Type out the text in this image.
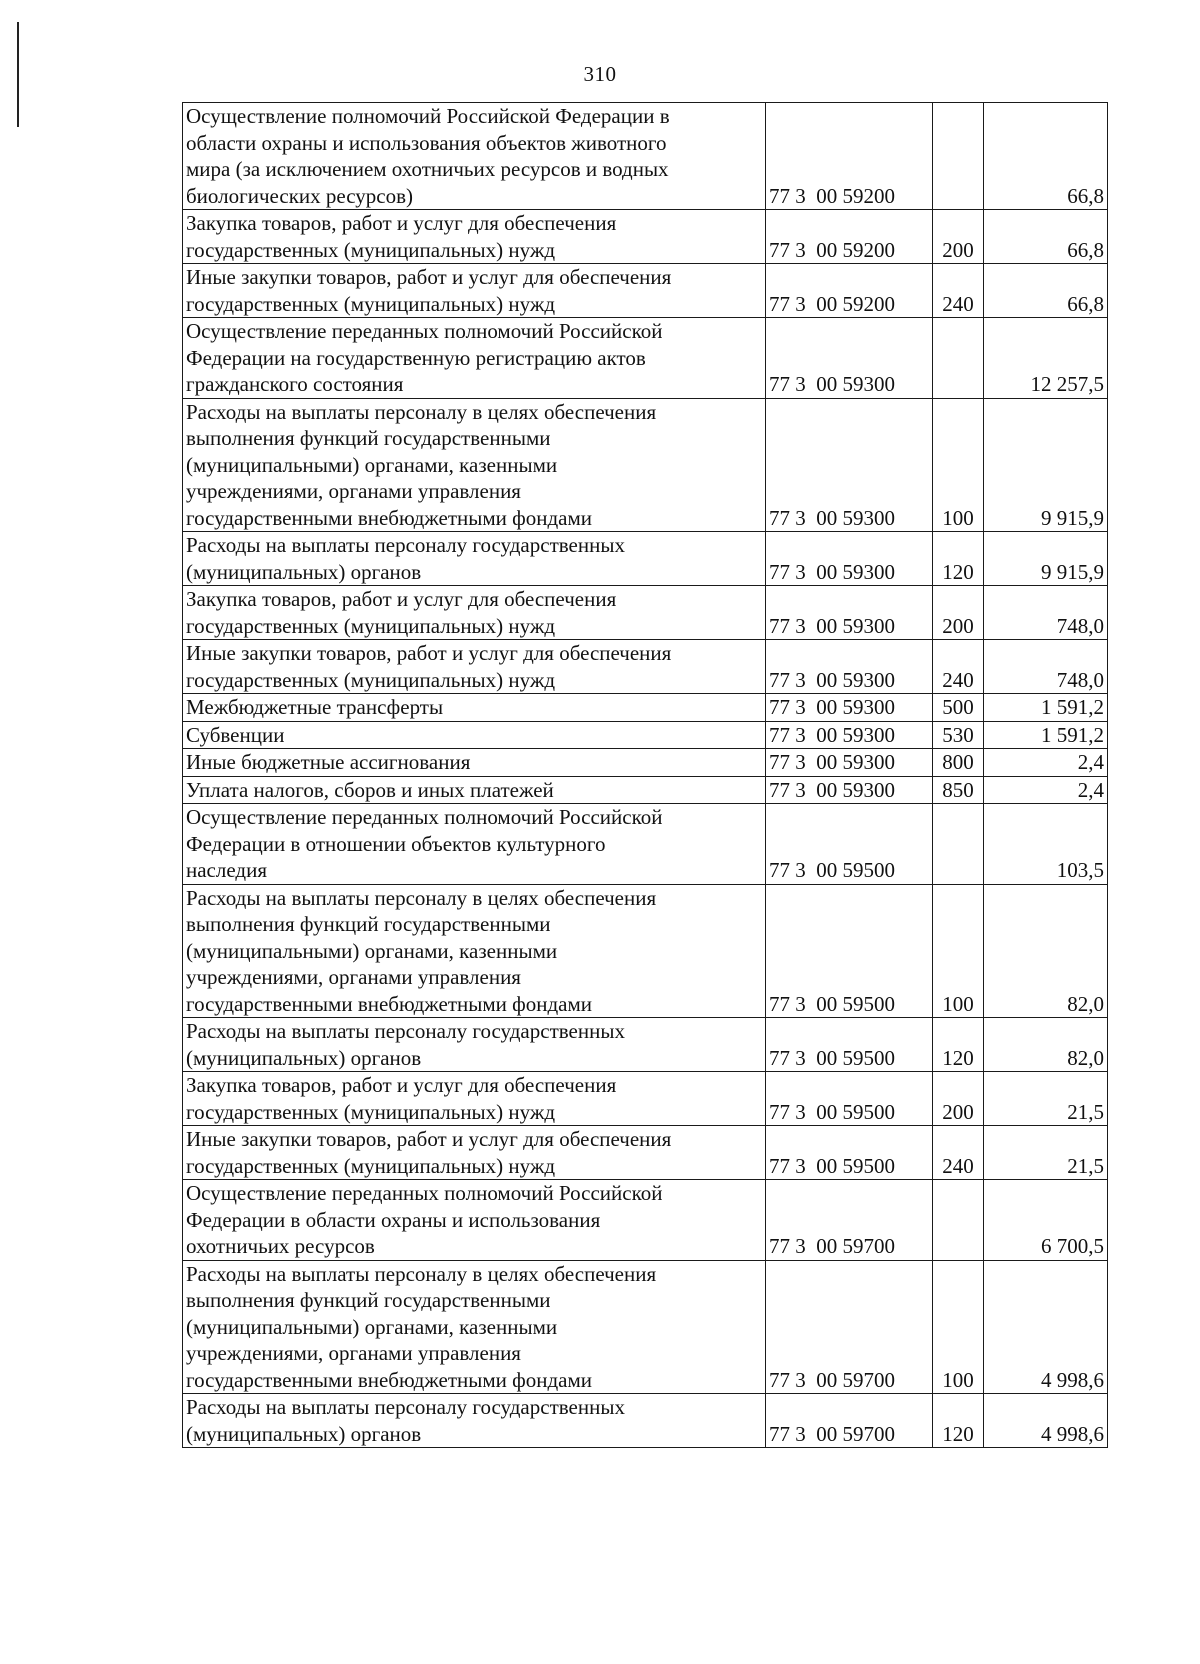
310
Осуществление полномочий Российской Федерации в
области охраны и использования объектов животного
мира (за исключением охотничьих ресурсов и водных
биологических ресурсов)	77 3  00 59200		66,8
Закупка товаров, работ и услуг для обеспечения
государственных (муниципальных) нужд	77 3  00 59200	200	66,8
Иные закупки товаров, работ и услуг для обеспечения
государственных (муниципальных) нужд	77 3  00 59200	240	66,8
Осуществление переданных полномочий Российской
Федерации на государственную регистрацию актов
гражданского состояния	77 3  00 59300		12 257,5
Расходы на выплаты персоналу в целях обеспечения
выполнения функций государственными
(муниципальными) органами, казенными
учреждениями, органами управления
государственными внебюджетными фондами	77 3  00 59300	100	9 915,9
Расходы на выплаты персоналу государственных
(муниципальных) органов	77 3  00 59300	120	9 915,9
Закупка товаров, работ и услуг для обеспечения
государственных (муниципальных) нужд	77 3  00 59300	200	748,0
Иные закупки товаров, работ и услуг для обеспечения
государственных (муниципальных) нужд	77 3  00 59300	240	748,0
Межбюджетные трансферты	77 3  00 59300	500	1 591,2
Субвенции	77 3  00 59300	530	1 591,2
Иные бюджетные ассигнования	77 3  00 59300	800	2,4
Уплата налогов, сборов и иных платежей	77 3  00 59300	850	2,4
Осуществление переданных полномочий Российской
Федерации в отношении объектов культурного
наследия	77 3  00 59500		103,5
Расходы на выплаты персоналу в целях обеспечения
выполнения функций государственными
(муниципальными) органами, казенными
учреждениями, органами управления
государственными внебюджетными фондами	77 3  00 59500	100	82,0
Расходы на выплаты персоналу государственных
(муниципальных) органов	77 3  00 59500	120	82,0
Закупка товаров, работ и услуг для обеспечения
государственных (муниципальных) нужд	77 3  00 59500	200	21,5
Иные закупки товаров, работ и услуг для обеспечения
государственных (муниципальных) нужд	77 3  00 59500	240	21,5
Осуществление переданных полномочий Российской
Федерации в области охраны и использования
охотничьих ресурсов	77 3  00 59700		6 700,5
Расходы на выплаты персоналу в целях обеспечения
выполнения функций государственными
(муниципальными) органами, казенными
учреждениями, органами управления
государственными внебюджетными фондами	77 3  00 59700	100	4 998,6
Расходы на выплаты персоналу государственных
(муниципальных) органов	77 3  00 59700	120	4 998,6
